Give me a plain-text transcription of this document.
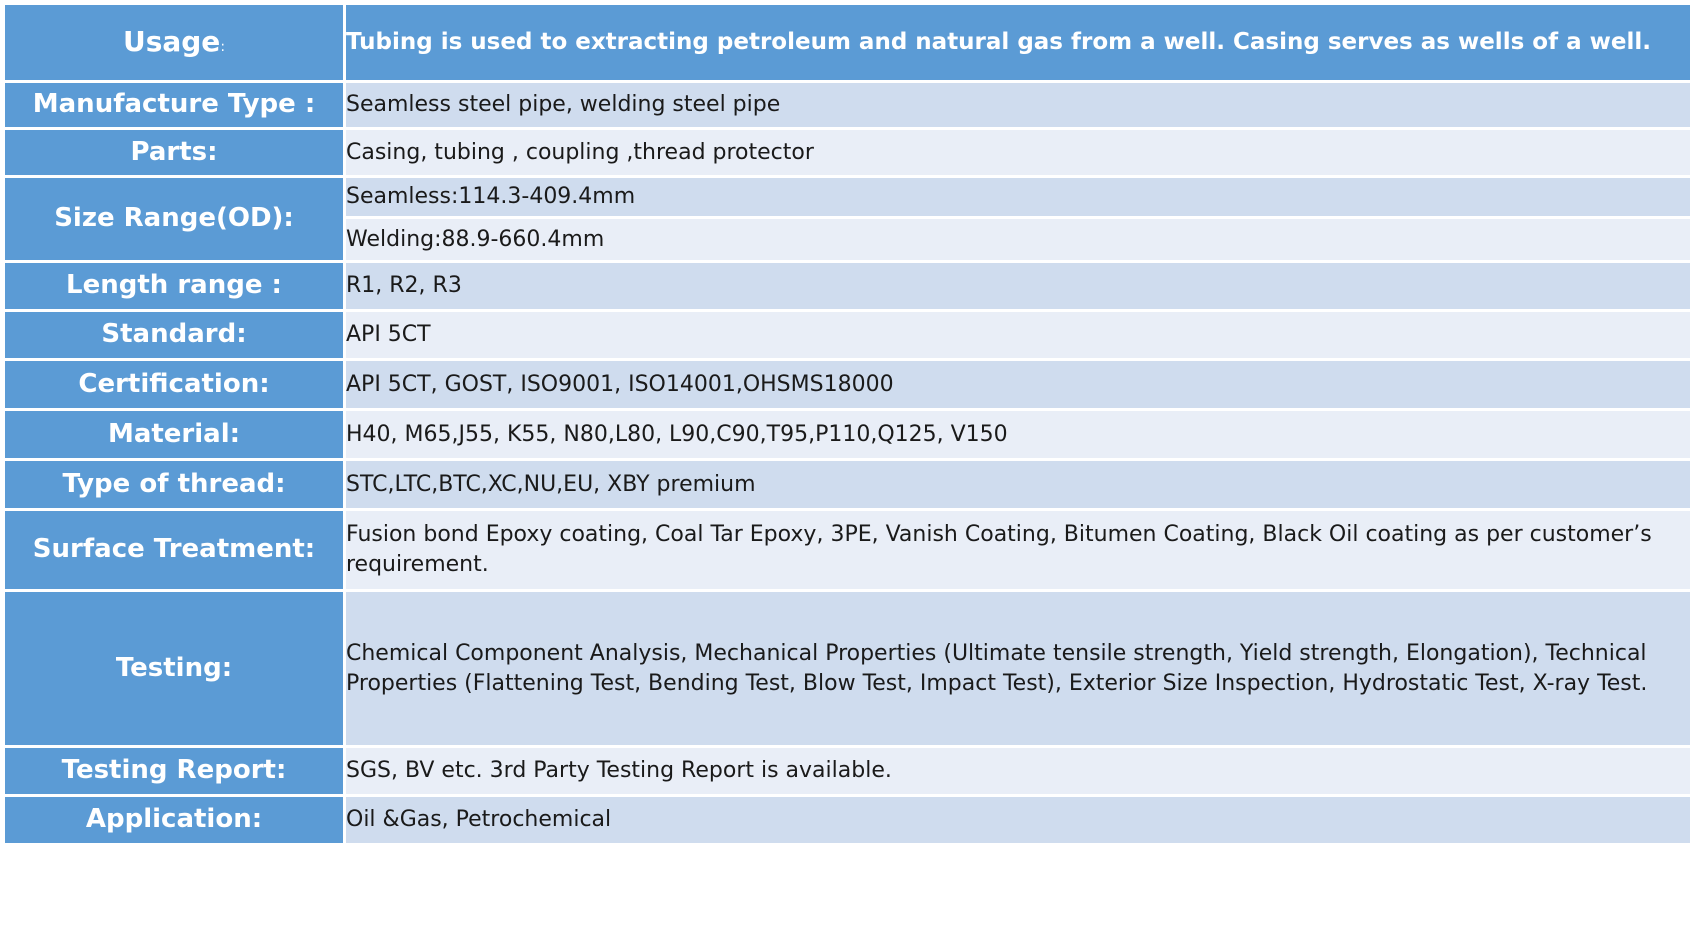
Usage:	Tubing is used to extracting petroleum and natural gas from a well. Casing serves as wells of a well.
Manufacture Type :	Seamless steel pipe, welding steel pipe
Parts:	Casing, tubing , coupling ,thread protector
Size Range(OD):	Seamless:114.3-409.4mm
	Welding:88.9-660.4mm
Length range :	R1, R2, R3
Standard:	API 5CT
Certification:	API 5CT, GOST, ISO9001, ISO14001,OHSMS18000
Material:	H40, M65,J55, K55, N80,L80, L90,C90,T95,P110,Q125, V150
Type of thread:	STC,LTC,BTC,XC,NU,EU, XBY premium
Surface Treatment:	Fusion bond Epoxy coating, Coal Tar Epoxy, 3PE, Vanish Coating, Bitumen Coating, Black Oil coating as per customer’s requirement.
Testing:	Chemical Component Analysis, Mechanical Properties (Ultimate tensile strength, Yield strength, Elongation), Technical Properties (Flattening Test, Bending Test, Blow Test, Impact Test), Exterior Size Inspection, Hydrostatic Test, X-ray Test.
Testing Report:	SGS, BV etc. 3rd Party Testing Report is available.
Application:	Oil &Gas, Petrochemical
